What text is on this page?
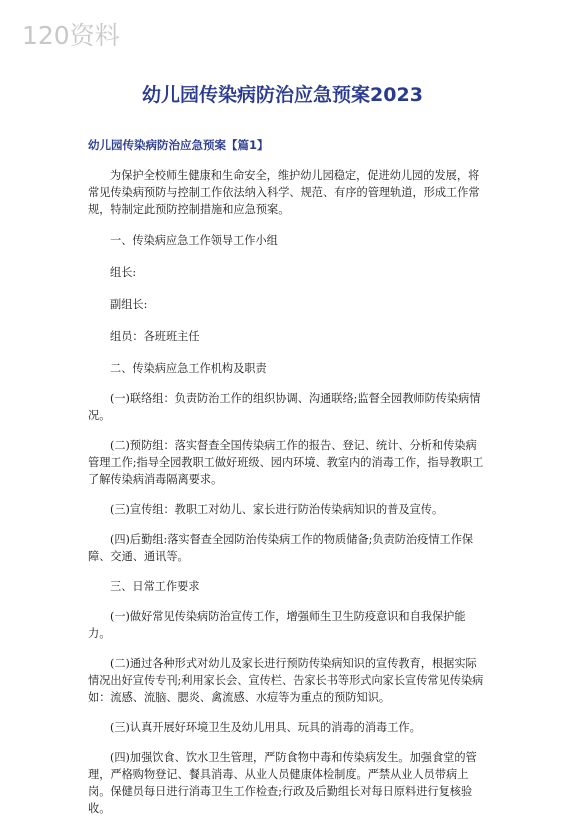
120资料
幼儿园传染病防治应急预案2023
幼儿园传染病防治应急预案【篇1】

为保护全校师生健康和生命安全，维护幼儿园稳定，促进幼儿园的发展，将常见传染病预防与控制工作依法纳入科学、规范、有序的管理轨道，形成工作常规，特制定此预防控制措施和应急预案。

一、传染病应急工作领导工作小组

组长:

副组长:

组员：各班班主任

二、传染病应急工作机构及职责

(一)联络组：负责防治工作的组织协调、沟通联络;监督全园教师防传染病情况。

(二)预防组：落实督查全国传染病工作的报告、登记、统计、分析和传染病管理工作;指导全园教职工做好班级、园内环境、教室内的消毒工作，指导教职工了解传染病消毒隔离要求。

(三)宣传组：教职工对幼儿、家长进行防治传染病知识的普及宣传。

(四)后勤组:落实督查全园防治传染病工作的物质储备;负责防治疫情工作保障、交通、通讯等。

三、日常工作要求

(一)做好常见传染病防治宣传工作，增强师生卫生防疫意识和自我保护能力。

(二)通过各种形式对幼儿及家长进行预防传染病知识的宣传教育，根据实际情况出好宣传专刊;利用家长会、宣传栏、告家长书等形式向家长宣传常见传染病如：流感、流脑、腮炎、禽流感、水痘等为重点的预防知识。

(三)认真开展好环境卫生及幼儿用具、玩具的消毒的消毒工作。

(四)加强饮食、饮水卫生管理，严防食物中毒和传染病发生。加强食堂的管理，严格购物登记、餐具消毒、从业人员健康体检制度。严禁从业人员带病上岗。保健员每日进行消毒卫生工作检查;行政及后勤组长对每日原料进行复核验收。
